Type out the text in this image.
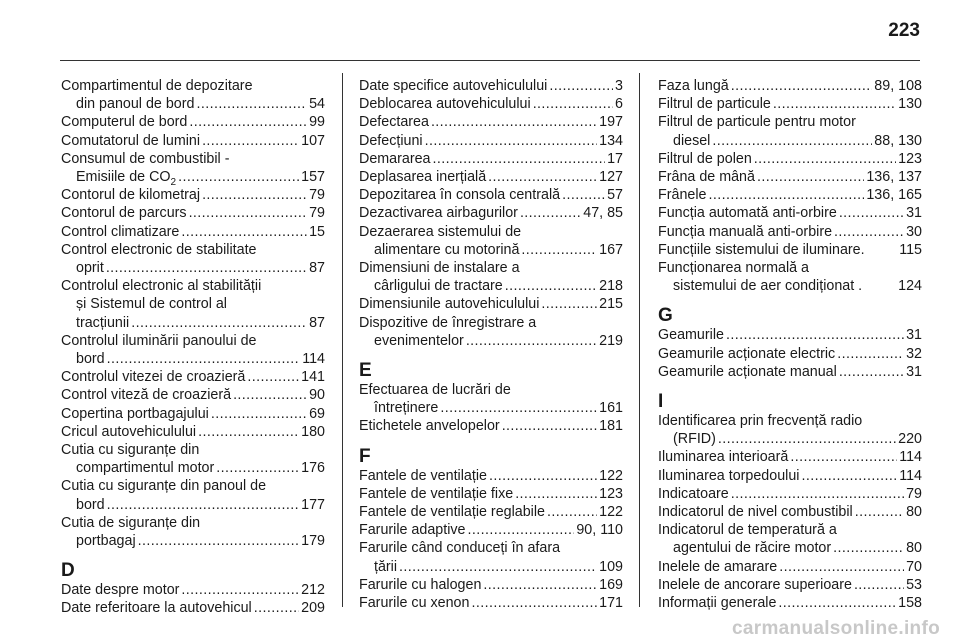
223
Compartimentul de depozitare
din panoul de bord .....	54
Computerul de bord .....	99
Comutatorul de lumini .....	107
Consumul de combustibil -
Emisiile de $CO_2$ .....	157
Contorul de kilometraj .....	79
Contorul de parcurs .....	79
Control climatizare .....	15
Control electronic de stabilitate
oprit .....	87
Controlul electronic al stabilității
și Sistemul de control al
tracțiunii .....	87
Controlul iluminării panoului de
bord .....	114
Controlul vitezei de croazieră .....	141
Control viteză de croazieră .....	90
Copertina portbagajului .....	69
Cricul autovehiculului .....	180
Cutia cu siguranțe din
compartimentul motor .....	176
Cutia cu siguranțe din panoul de
bord .....	177
Cutia de siguranțe din
portbagaj .....	179
D
Date despre motor .....	212
Date referitoare la autovehicul .....	209
Date specifice autovehiculului .....	3
Deblocarea autovehiculului .....	6
Defectarea .....	197
Defecțiuni .....	134
Demararea .....	17
Deplasarea inerțială .....	127
Depozitarea în consola centrală .....	57
Dezactivarea airbagurilor .....	47, 85
Dezaerarea sistemului de
alimentare cu motorină .....	167
Dimensiuni de instalare a
cârligului de tractare .....	218
Dimensiunile autovehiculului .....	215
Dispozitive de înregistrare a
evenimentelor .....	219
E
Efectuarea de lucrări de
întreținere .....	161
Etichetele anvelopelor .....	181
F
Fantele de ventilație .....	122
Fantele de ventilație fixe .....	123
Fantele de ventilație reglabile .....	122
Farurile adaptive .....	90, 110
Farurile când conduceți în afara
țării .....	109
Farurile cu halogen .....	169
Farurile cu xenon .....	171
Faza lungă .....	89, 108
Filtrul de particule .....	130
Filtrul de particule pentru motor
diesel .....	88, 130
Filtrul de polen .....	123
Frâna de mână .....	136, 137
Frânele .....	136, 165
Funcția automată anti-orbire .....	31
Funcția manuală anti-orbire .....	30
Funcțiile sistemului de iluminare. 115
Funcționarea normală a
sistemului de aer condiționat .	124
G
Geamurile .....	31
Geamurile acționate electric .....	32
Geamurile acționate manual .....	31
I
Identificarea prin frecvență radio
(RFID) .....	220
Iluminarea interioară .....	114
Iluminarea torpedoului .....	114
Indicatoare .....	79
Indicatorul de nivel combustibil .....	80
Indicatorul de temperatură a
agentului de răcire motor .....	80
Inelele de amarare .....	70
Inelele de ancorare superioare .....	53
Informații generale .....	158
carmanualsonline.info
